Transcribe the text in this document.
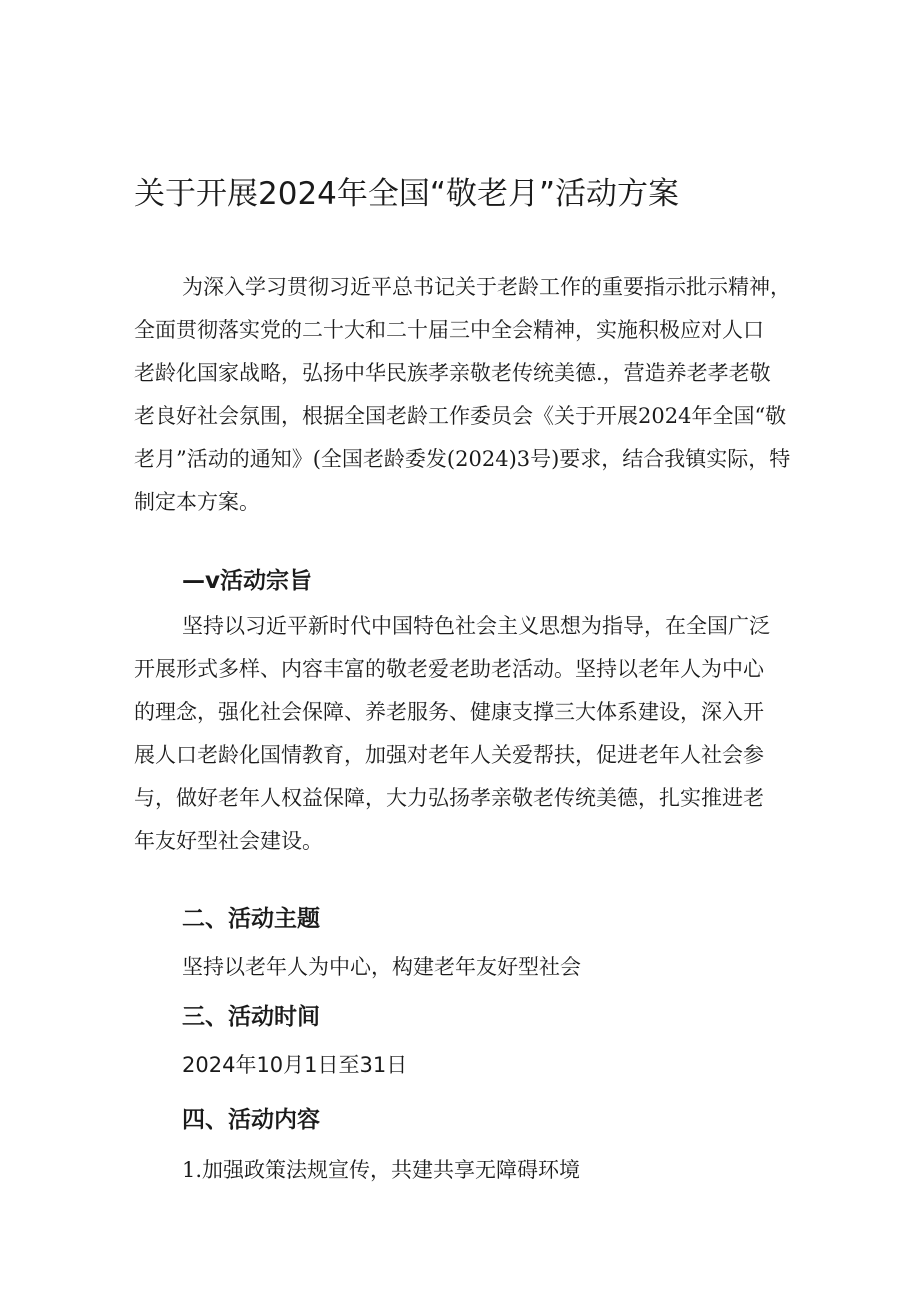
关于开展2024年全国“敬老月”活动方案
为深入学习贯彻习近平总书记关于老龄工作的重要指示批示精神，
全面贯彻落实党的二十大和二十届三中全会精神，实施积极应对人口
老龄化国家战略，弘扬中华民族孝亲敬老传统美德.，营造养老孝老敬
老良好社会氛围，根据全国老龄工作委员会《关于开展2024年全国“敬
老月”活动的通知》(全国老龄委发(2024)3号)要求，结合我镇实际，特
制定本方案。
—v活动宗旨
坚持以习近平新时代中国特色社会主义思想为指导，在全国广泛
开展形式多样、内容丰富的敬老爱老助老活动。坚持以老年人为中心
的理念，强化社会保障、养老服务、健康支撑三大体系建设，深入开
展人口老龄化国情教育，加强对老年人关爱帮扶，促进老年人社会参
与，做好老年人权益保障，大力弘扬孝亲敬老传统美德，扎实推进老
年友好型社会建设。
二、活动主题

坚持以老年人为中心，构建老年友好型社会

三、活动时间

2024年10月1日至31日

四、活动内容

1.加强政策法规宣传，共建共享无障碍环境
